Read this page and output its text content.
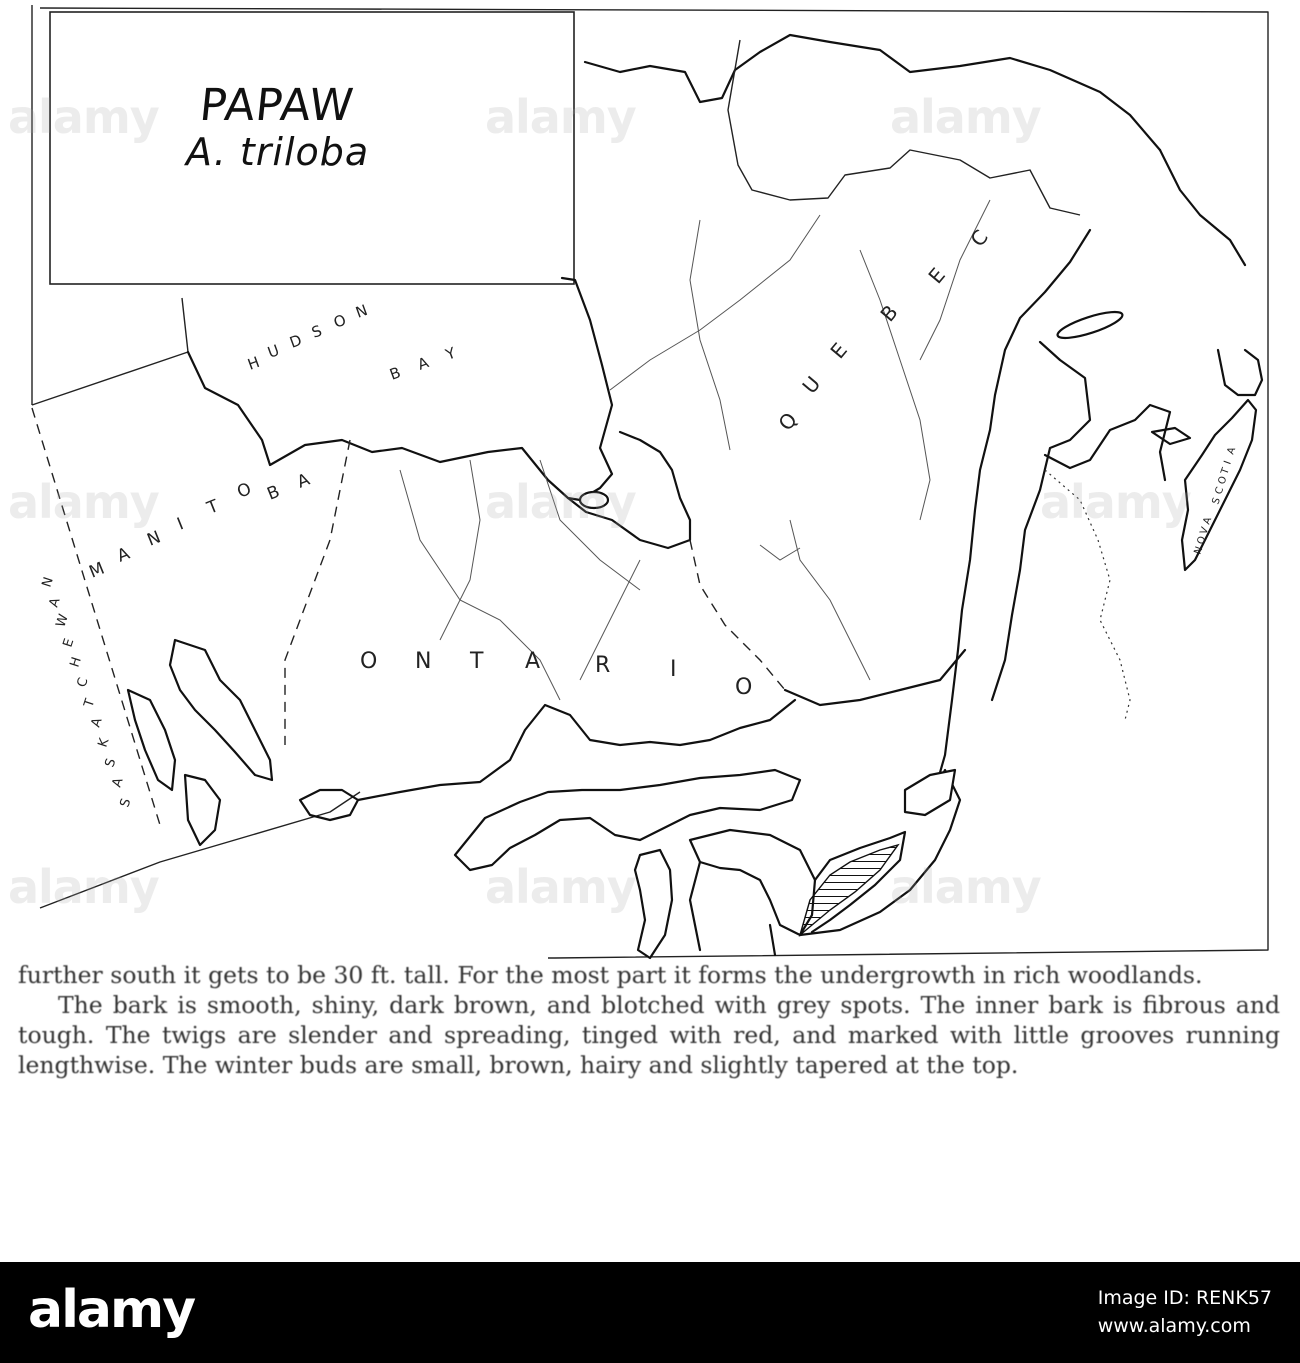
H
U D S O N
B A Y
M
A
N
I
T
O B
A
O N T A R	I
O
Q
U
E
B
E
C
S
A
S
K
A
T
C
H
E
W
A
N
N
O
V
A
S
C
O
T
I
A
PAPAW
A. triloba
alamy	alamy	alamy
alamy	alamy	alamy
alamy	alamy	alamy

further south it gets to be 30 ft. tall. For the most part it forms the undergrowth in rich woodlands.

The bark is smooth, shiny, dark brown, and blotched with grey spots. The inner bark is fibrous and tough. The twigs are slender and spreading, tinged with red, and marked with little grooves running lengthwise. The winter buds are small, brown, hairy and slightly tapered at the top.

alamy	Image ID: RENK57
www.alamy.com
